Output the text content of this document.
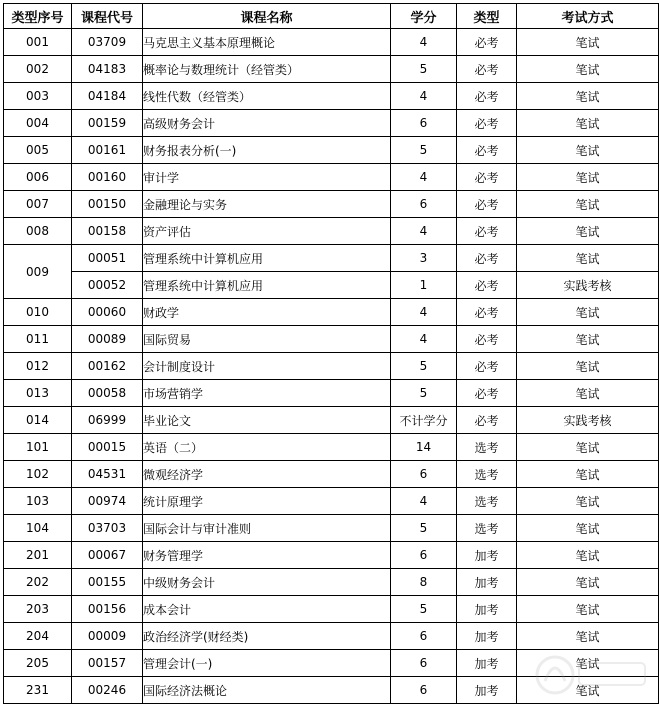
类型序号	课程代号	课程名称	学分	类型	考试方式
001	03709	马克思主义基本原理概论	4	必考	笔试
002	04183	概率论与数理统计（经管类）	5	必考	笔试
003	04184	线性代数（经管类）	4	必考	笔试
004	00159	高级财务会计	6	必考	笔试
005	00161	财务报表分析(一)	5	必考	笔试
006	00160	审计学	4	必考	笔试
007	00150	金融理论与实务	6	必考	笔试
008	00158	资产评估	4	必考	笔试
009	00051	管理系统中计算机应用	3	必考	笔试
	00052	管理系统中计算机应用	1	必考	实践考核
010	00060	财政学	4	必考	笔试
011	00089	国际贸易	4	必考	笔试
012	00162	会计制度设计	5	必考	笔试
013	00058	市场营销学	5	必考	笔试
014	06999	毕业论文	不计学分	必考	实践考核
101	00015	英语（二）	14	选考	笔试
102	04531	微观经济学	6	选考	笔试
103	00974	统计原理学	4	选考	笔试
104	03703	国际会计与审计准则	5	选考	笔试
201	00067	财务管理学	6	加考	笔试
202	00155	中级财务会计	8	加考	笔试
203	00156	成本会计	5	加考	笔试
204	00009	政治经济学(财经类)	6	加考	笔试
205	00157	管理会计(一)	6	加考	笔试
231	00246	国际经济法概论	6	加考	笔试
